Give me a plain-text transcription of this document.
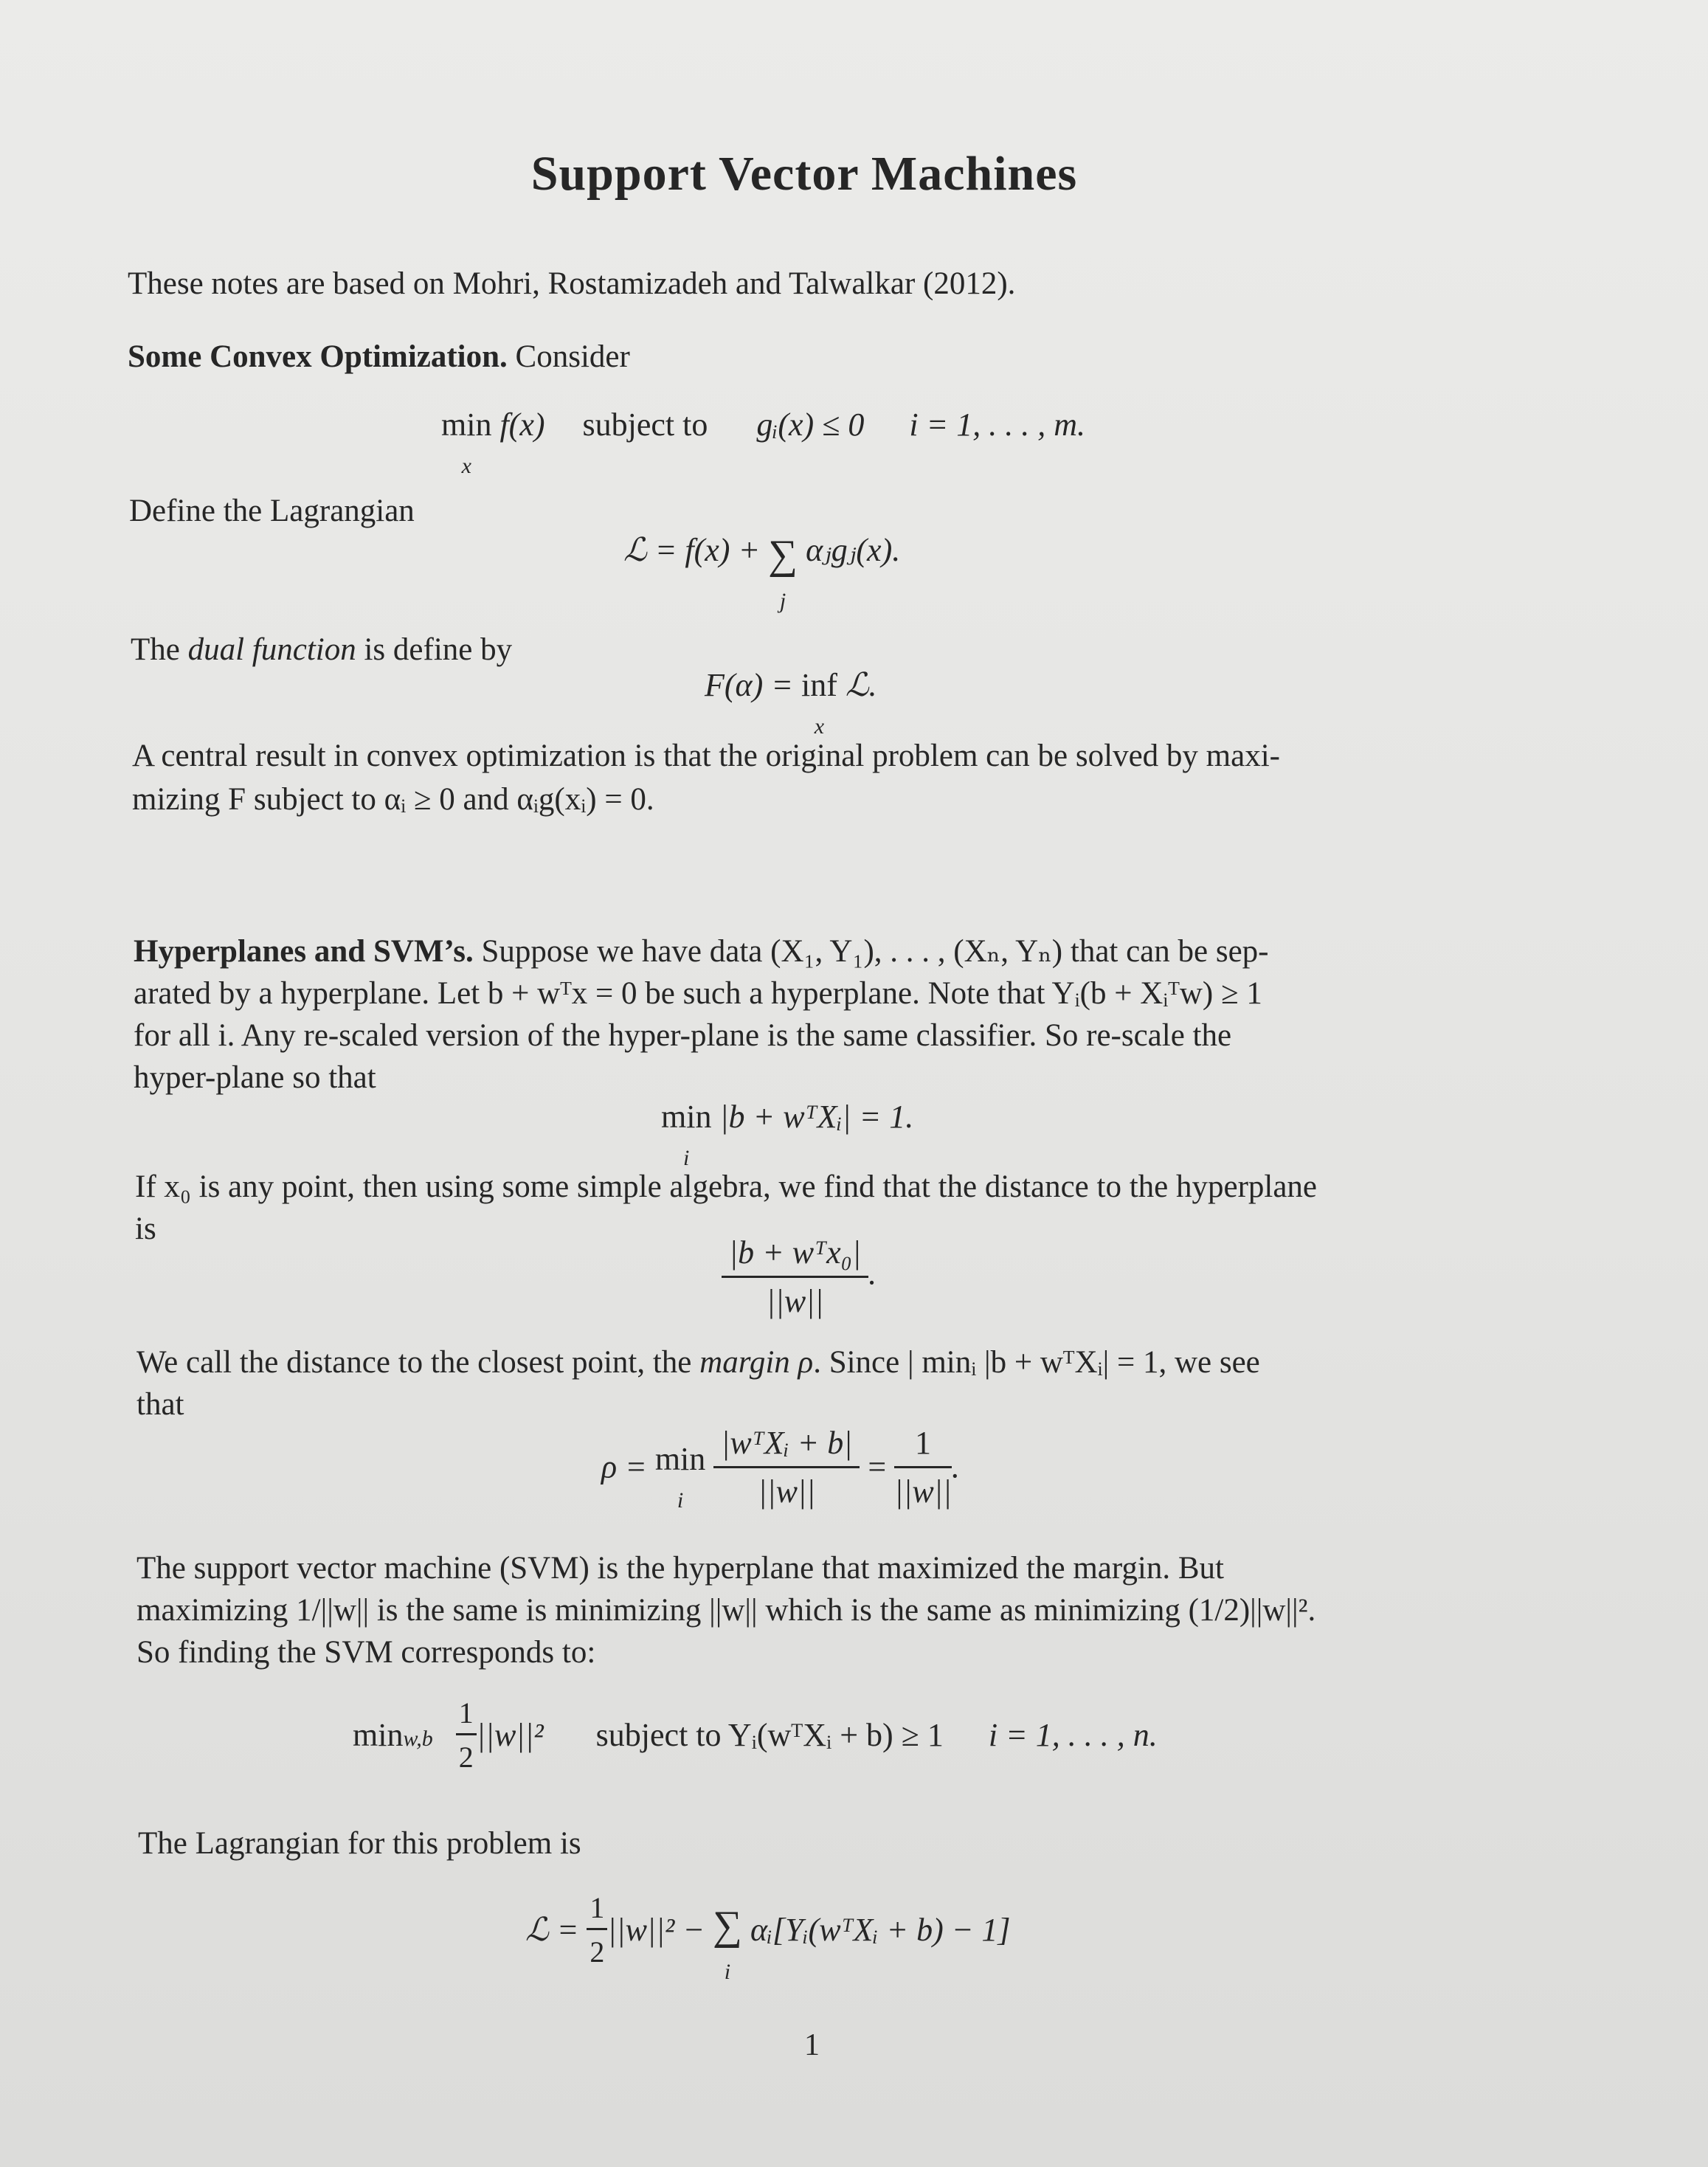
Support Vector Machines
These notes are based on Mohri, Rostamizadeh and Talwalkar (2012).
Some Convex Optimization. Consider
min
x f(x) subject to gᵢ(x) ≤ 0 i = 1, . . . , m.
Define the Lagrangian
ℒ = f(x) + ∑
j αⱼgⱼ(x).
The dual function is define by
F(α) = inf
x ℒ.
A central result in convex optimization is that the original problem can be solved by maxi-
mizing F subject to αᵢ ≥ 0 and αᵢg(xᵢ) = 0.
Hyperplanes and SVM’s. Suppose we have data (X₁, Y₁), . . . , (Xₙ, Yₙ) that can be sep-
arated by a hyperplane. Let b + wᵀx = 0 be such a hyperplane. Note that Yᵢ(b + Xᵢᵀw) ≥ 1
for all i. Any re-scaled version of the hyper-plane is the same classifier. So re-scale the
hyper-plane so that
min
i |b + wᵀXᵢ| = 1.
If x₀ is any point, then using some simple algebra, we find that the distance to the hyperplane
is
$\frac{\text{|b + wᵀx₀|}}{||w||}$ .
We call the distance to the closest point, the margin ρ. Since | minᵢ |b + wᵀXᵢ| = 1, we see
that
ρ = min
i $\frac{\text{|wᵀXᵢ + b|}}{||w||} = \frac{1}{||w||}$ .
The support vector machine (SVM) is the hyperplane that maximized the margin. But
maximizing 1/||w|| is the same is minimizing ||w|| which is the same as minimizing (1/2)||w||².
So finding the SVM corresponds to:
$\min w,b \frac{1}{2} ||w||^2$ subject to Yᵢ(wᵀXᵢ + b) ≥ 1 i = 1, . . . , n.
The Lagrangian for this problem is
ℒ = $\frac{1}{2} ||w||^2$ − ∑
i αᵢ[Yᵢ(wᵀXᵢ + b) − 1]
1
